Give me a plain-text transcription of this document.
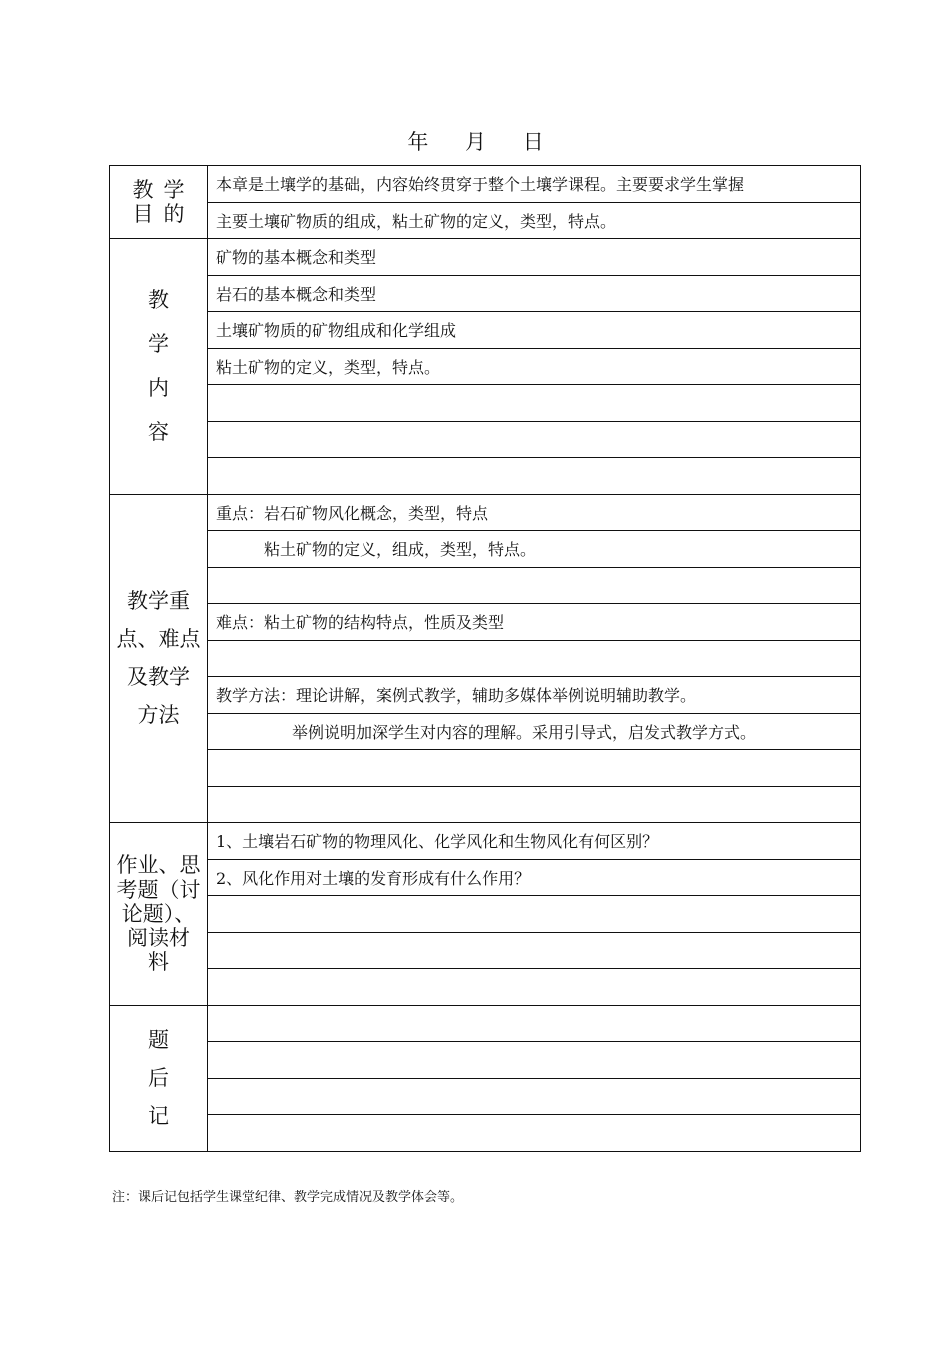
年 月 日
教学
目的	本章是土壤学的基础，内容始终贯穿于整个土壤学课程。主要要求学生掌握
	主要土壤矿物质的组成，粘土矿物的定义，类型，特点。

教
学
内
容	矿物的基本概念和类型
	岩石的基本概念和类型
	土壤矿物质的矿物组成和化学组成
	粘土矿物的定义，类型，特点。

教学重
点、难点
及教学
方法	重点：岩石矿物风化概念，类型，特点
	粘土矿物的定义，组成，类型，特点。

	难点：粘土矿物的结构特点，性质及类型

	教学方法：理论讲解，案例式教学，辅助多媒体举例说明辅助教学。
	举例说明加深学生对内容的理解。采用引导式，启发式教学方式。

作业、思
考题（讨
论题）、
阅读材
料	1、土壤岩石矿物的物理风化、化学风化和生物风化有何区别？
	2、风化作用对土壤的发育形成有什么作用？

题
后
记	

注：课后记包括学生课堂纪律、教学完成情况及教学体会等。
